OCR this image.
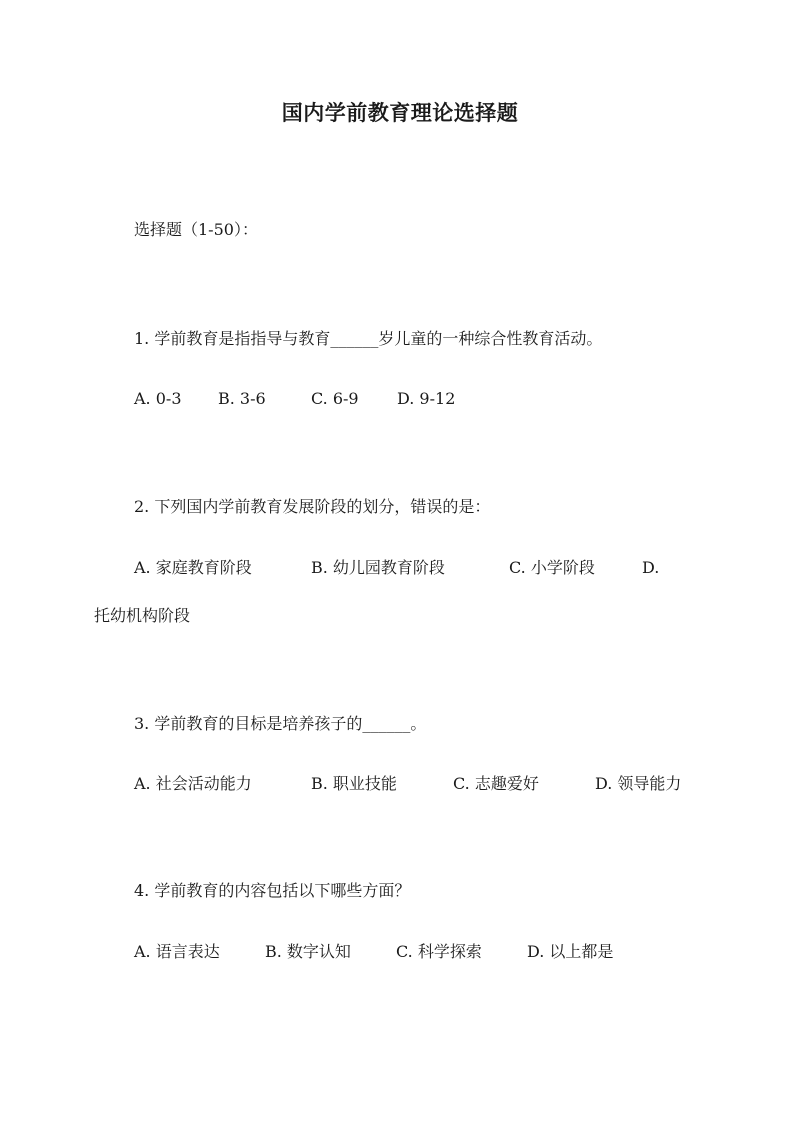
国内学前教育理论选择题
选择题（1-50）：
1. 学前教育是指指导与教育______岁儿童的一种综合性教育活动。
A. 0-3 B. 3-6	C. 6-9 D. 9-12
2. 下列国内学前教育发展阶段的划分，错误的是：
A. 家庭教育阶段	B. 幼儿园教育阶段	C. 小学阶段	D.
托幼机构阶段
3. 学前教育的目标是培养孩子的______。
A. 社会活动能力	B. 职业技能	C. 志趣爱好	D. 领导能力
4. 学前教育的内容包括以下哪些方面？
A. 语言表达	B. 数字认知	C. 科学探索	D. 以上都是
